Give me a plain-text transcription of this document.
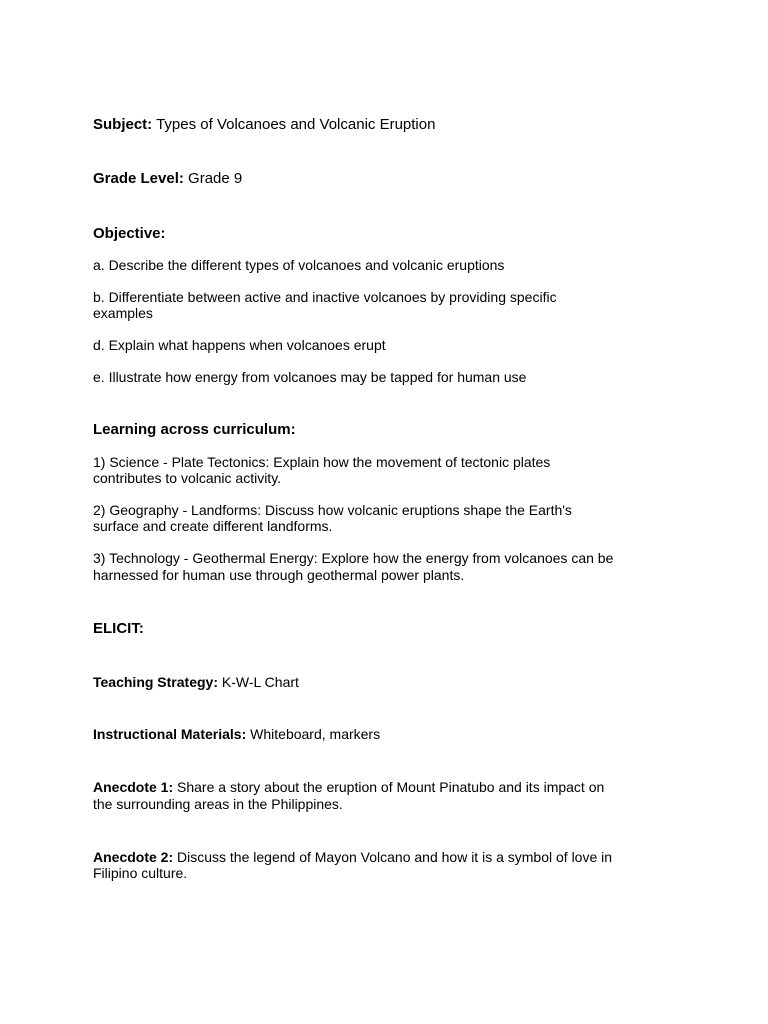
Subject: Types of Volcanoes and Volcanic Eruption
Grade Level: Grade 9
Objective:
a. Describe the different types of volcanoes and volcanic eruptions
b. Differentiate between active and inactive volcanoes by providing specific
examples
d. Explain what happens when volcanoes erupt
e. Illustrate how energy from volcanoes may be tapped for human use
Learning across curriculum:
1) Science - Plate Tectonics: Explain how the movement of tectonic plates
contributes to volcanic activity.
2) Geography - Landforms: Discuss how volcanic eruptions shape the Earth's
surface and create different landforms.
3) Technology - Geothermal Energy: Explore how the energy from volcanoes can be
harnessed for human use through geothermal power plants.
ELICIT:
Teaching Strategy: K-W-L Chart
Instructional Materials: Whiteboard, markers
Anecdote 1: Share a story about the eruption of Mount Pinatubo and its impact on
the surrounding areas in the Philippines.
Anecdote 2: Discuss the legend of Mayon Volcano and how it is a symbol of love in
Filipino culture.
